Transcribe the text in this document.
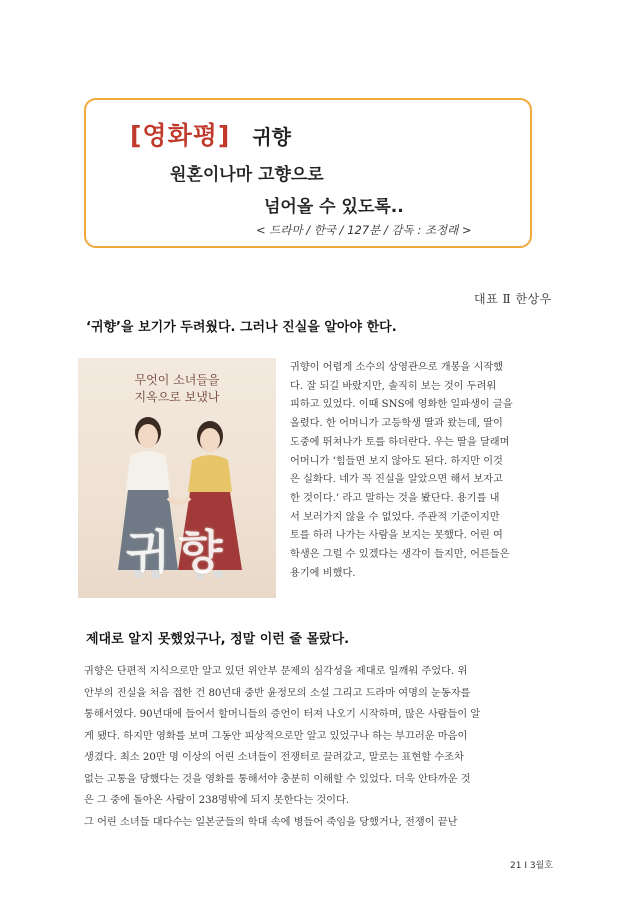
[영화평] 귀향
원혼이나마 고향으로
넘어올 수 있도록..
< 드라마 / 한국 / 127분 / 감독 : 조정래 >
대표 Ⅱ 한상우
‘귀향’을 보기가 두려웠다. 그러나 진실을 알아야 한다.
무엇이 소녀들을
지옥으로 보냈나
귀향
귀향이 어렵게 소수의 상영관으로 개봉을 시작했
다. 잘 되길 바랐지만, 솔직히 보는 것이 두려워
피하고 있었다. 이때 SNS에 영화한 일파생이 글을
올렸다. 한 어머니가 고등학생 딸과 왔는데, 딸이
도중에 뛰쳐나가 토를 하더란다. 우는 딸을 달래며
어머니가 ‘힘들면 보지 않아도 된다. 하지만 이것
은 실화다. 네가 꼭 진실을 알았으면 해서 보자고
한 것이다.’ 라고 말하는 것을 봤단다. 용기를 내
서 보러가지 않을 수 없었다. 주관적 기준이지만
토를 하러 나가는 사람을 보지는 못했다. 어린 여
학생은 그럴 수 있겠다는 생각이 들지만, 어른들은
용기에 비했다.
제대로 알지 못했었구나, 정말 이런 줄 몰랐다.
귀향은 단편적 지식으로만 알고 있던 위안부 문제의 심각성을 제대로 일깨워 주었다. 위
안부의 진실을 처음 접한 건 80년대 중반 윤정모의 소설 그리고 드라마 여명의 눈동자를
통해서였다. 90년대에 들어서 할머니들의 증언이 터져 나오기 시작하며, 많은 사람들이 알
게 됐다. 하지만 영화를 보며 그동안 피상적으로만 알고 있었구나 하는 부끄러운 마음이
생겼다. 최소 20만 명 이상의 어린 소녀들이 전쟁터로 끌려갔고, 말로는 표현할 수조차
없는 고통을 당했다는 것을 영화를 통해서야 충분히 이해할 수 있었다. 더욱 안타까운 것
은 그 중에 돌아온 사람이 238명밖에 되지 못한다는 것이다.
그 어린 소녀들 대다수는 일본군들의 학대 속에 병들어 죽임을 당했거나, 전쟁이 끝난
21 Ⅰ 3월호
